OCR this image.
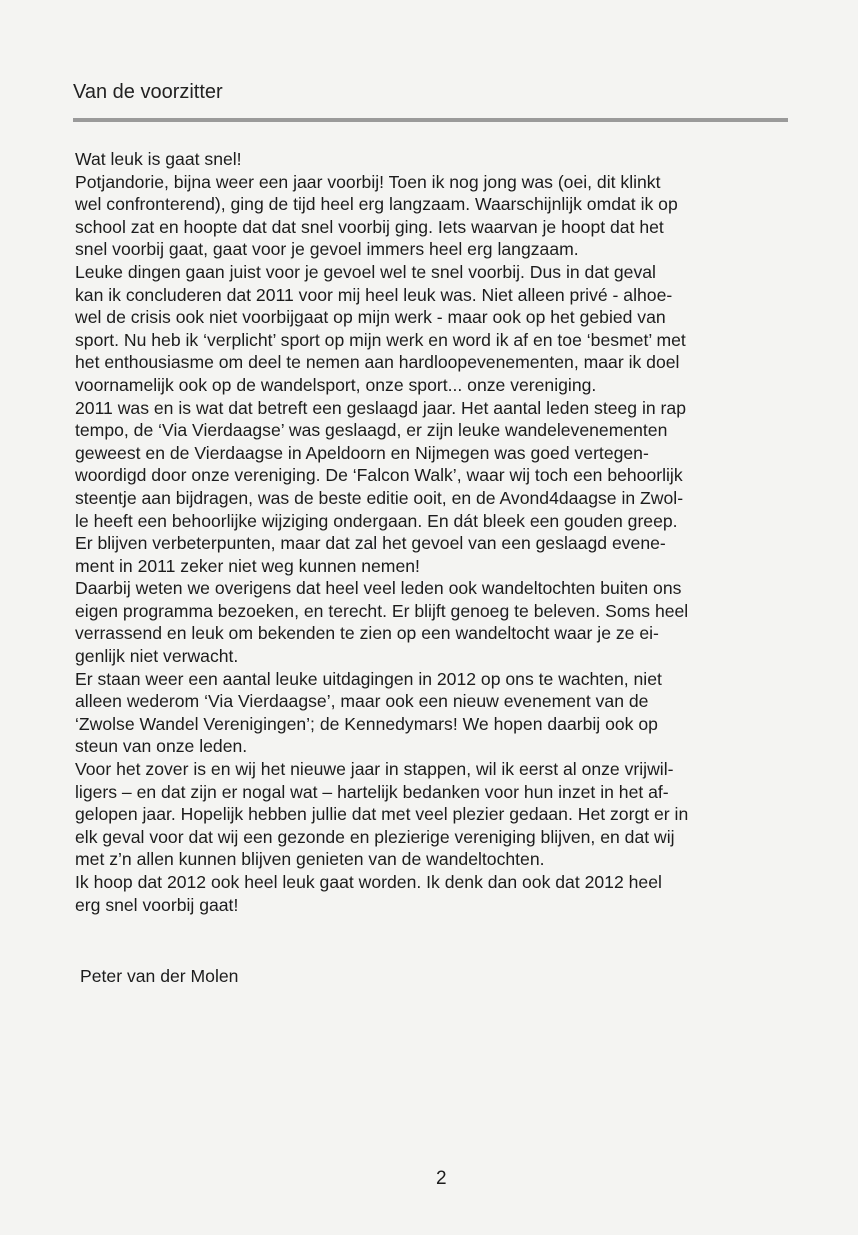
Van de voorzitter
Wat leuk is gaat snel!
Potjandorie, bijna weer een jaar voorbij! Toen ik nog jong was (oei, dit klinkt
wel confronterend), ging de tijd heel erg langzaam. Waarschijnlijk omdat ik op
school zat en hoopte dat dat snel voorbij ging. Iets waarvan je hoopt dat het
snel voorbij gaat, gaat voor je gevoel immers heel erg langzaam.
Leuke dingen gaan juist voor je gevoel wel te snel voorbij. Dus in dat geval
kan ik concluderen dat 2011 voor mij heel leuk was. Niet alleen privé - alhoe-
wel de crisis ook niet voorbijgaat op mijn werk - maar ook op het gebied van
sport. Nu heb ik ‘verplicht’ sport op mijn werk en word ik af en toe ‘besmet’ met
het enthousiasme om deel te nemen aan hardloopevenementen, maar ik doel
voornamelijk ook op de wandelsport, onze sport... onze vereniging.
2011 was en is wat dat betreft een geslaagd jaar. Het aantal leden steeg in rap
tempo, de ‘Via Vierdaagse’ was geslaagd, er zijn leuke wandelevenementen
geweest en de Vierdaagse in Apeldoorn en Nijmegen was goed vertegen-
woordigd door onze vereniging. De ‘Falcon Walk’, waar wij toch een behoorlijk
steentje aan bijdragen, was de beste editie ooit, en de Avond4daagse in Zwol-
le heeft een behoorlijke wijziging ondergaan. En dát bleek een gouden greep.
Er blijven verbeterpunten, maar dat zal het gevoel van een geslaagd evene-
ment in 2011 zeker niet weg kunnen nemen!
Daarbij weten we overigens dat heel veel leden ook wandeltochten buiten ons
eigen programma bezoeken, en terecht. Er blijft genoeg te beleven. Soms heel
verrassend en leuk om bekenden te zien op een wandeltocht waar je ze ei-
genlijk niet verwacht.
Er staan weer een aantal leuke uitdagingen in 2012 op ons te wachten, niet
alleen wederom ‘Via Vierdaagse’, maar ook een nieuw evenement van de
‘Zwolse Wandel Verenigingen’; de Kennedymars! We hopen daarbij ook op
steun van onze leden.
Voor het zover is en wij het nieuwe jaar in stappen, wil ik eerst al onze vrijwil-
ligers – en dat zijn er nogal wat – hartelijk bedanken voor hun inzet in het af-
gelopen jaar. Hopelijk hebben jullie dat met veel plezier gedaan. Het zorgt er in
elk geval voor dat wij een gezonde en plezierige vereniging blijven, en dat wij
met z’n allen kunnen blijven genieten van de wandeltochten.
Ik hoop dat 2012 ook heel leuk gaat worden. Ik denk dan ook dat 2012 heel
erg snel voorbij gaat!
Peter van der Molen
2
